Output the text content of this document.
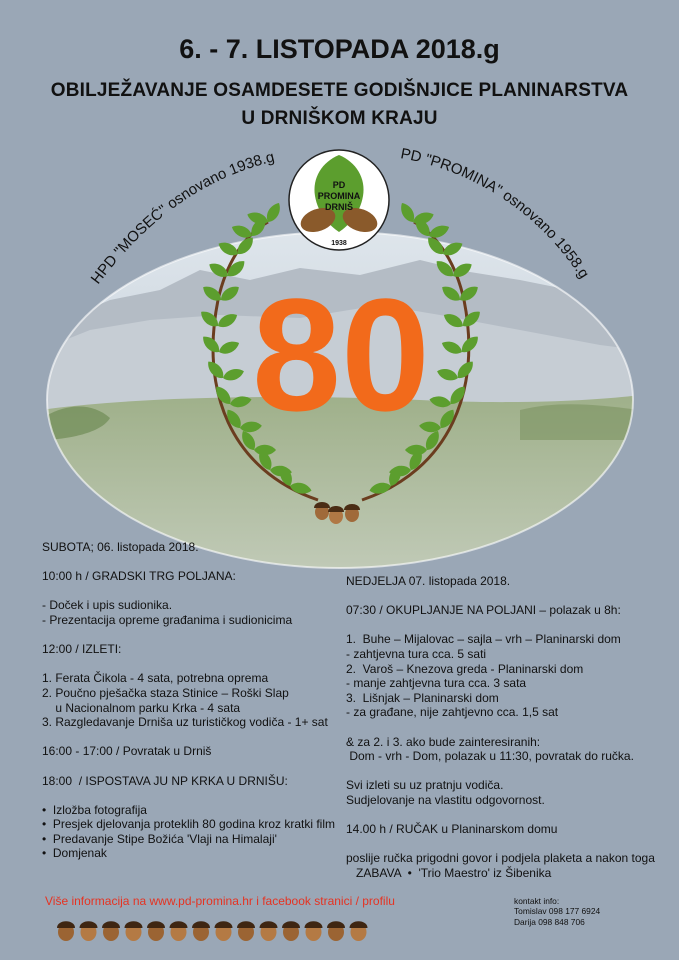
6. - 7. LISTOPADA 2018.g
OBILJEŽAVANJE OSAMDESETE GODIŠNJICE PLANINARSTVA
U DRNIŠKOM KRAJU
HPD "MOSEĆ" osnovano 1938.g	PD "PROMINA" osnovano 1958.g
80
PD
PROMINA
DRNIŠ
1938

SUBOTA; 06. listopada 2018.

10:00 h / GRADSKI TRG POLJANA:

- Doček i upis sudionika.

- Prezentacija opreme građanima i sudionicima

12:00 / IZLETI:

1. Ferata Čikola - 4 sata, potrebna oprema

2. Poučno pješačka staza Stinice – Roški Slap

u Nacionalnom parku Krka - 4 sata

3. Razgledavanje Drniša uz turističkog vodiča - 1+ sat

16:00 - 17:00 / Povratak u Drniš

18:00  / ISPOSTAVA JU NP KRKA U DRNIŠU:

•  Izložba fotografija

•  Presjek djelovanja proteklih 80 godina kroz kratki film

•  Predavanje Stipe Božića 'Vlaji na Himalaji'

•  Domjenak

NEDJELJA 07. listopada 2018.

07:30 / OKUPLJANJE NA POLJANI – polazak u 8h:

1.  Buhe – Mijalovac – sajla – vrh – Planinarski dom

- zahtjevna tura cca. 5 sati

2.  Varoš – Knezova greda - Planinarski dom

- manje zahtjevna tura cca. 3 sata

3.  Lišnjak – Planinarski dom

- za građane, nije zahtjevno cca. 1,5 sat

& za 2. i 3. ako bude zainteresiranih:

Dom - vrh - Dom, polazak u 11:30, povratak do ručka.

Svi izleti su uz pratnju vodiča.

Sudjelovanje na vlastitu odgovornost.

14.00 h / RUČAK u Planinarskom domu

poslije ručka prigodni govor i podjela plaketa a nakon toga

ZABAVA  •  'Trio Maestro' iz Šibenika

Više informacija na www.pd-promina.hr i facebook stranici / profilu	kontakt info:

Tomislav 098 177 6924

Darija 098 848 706
